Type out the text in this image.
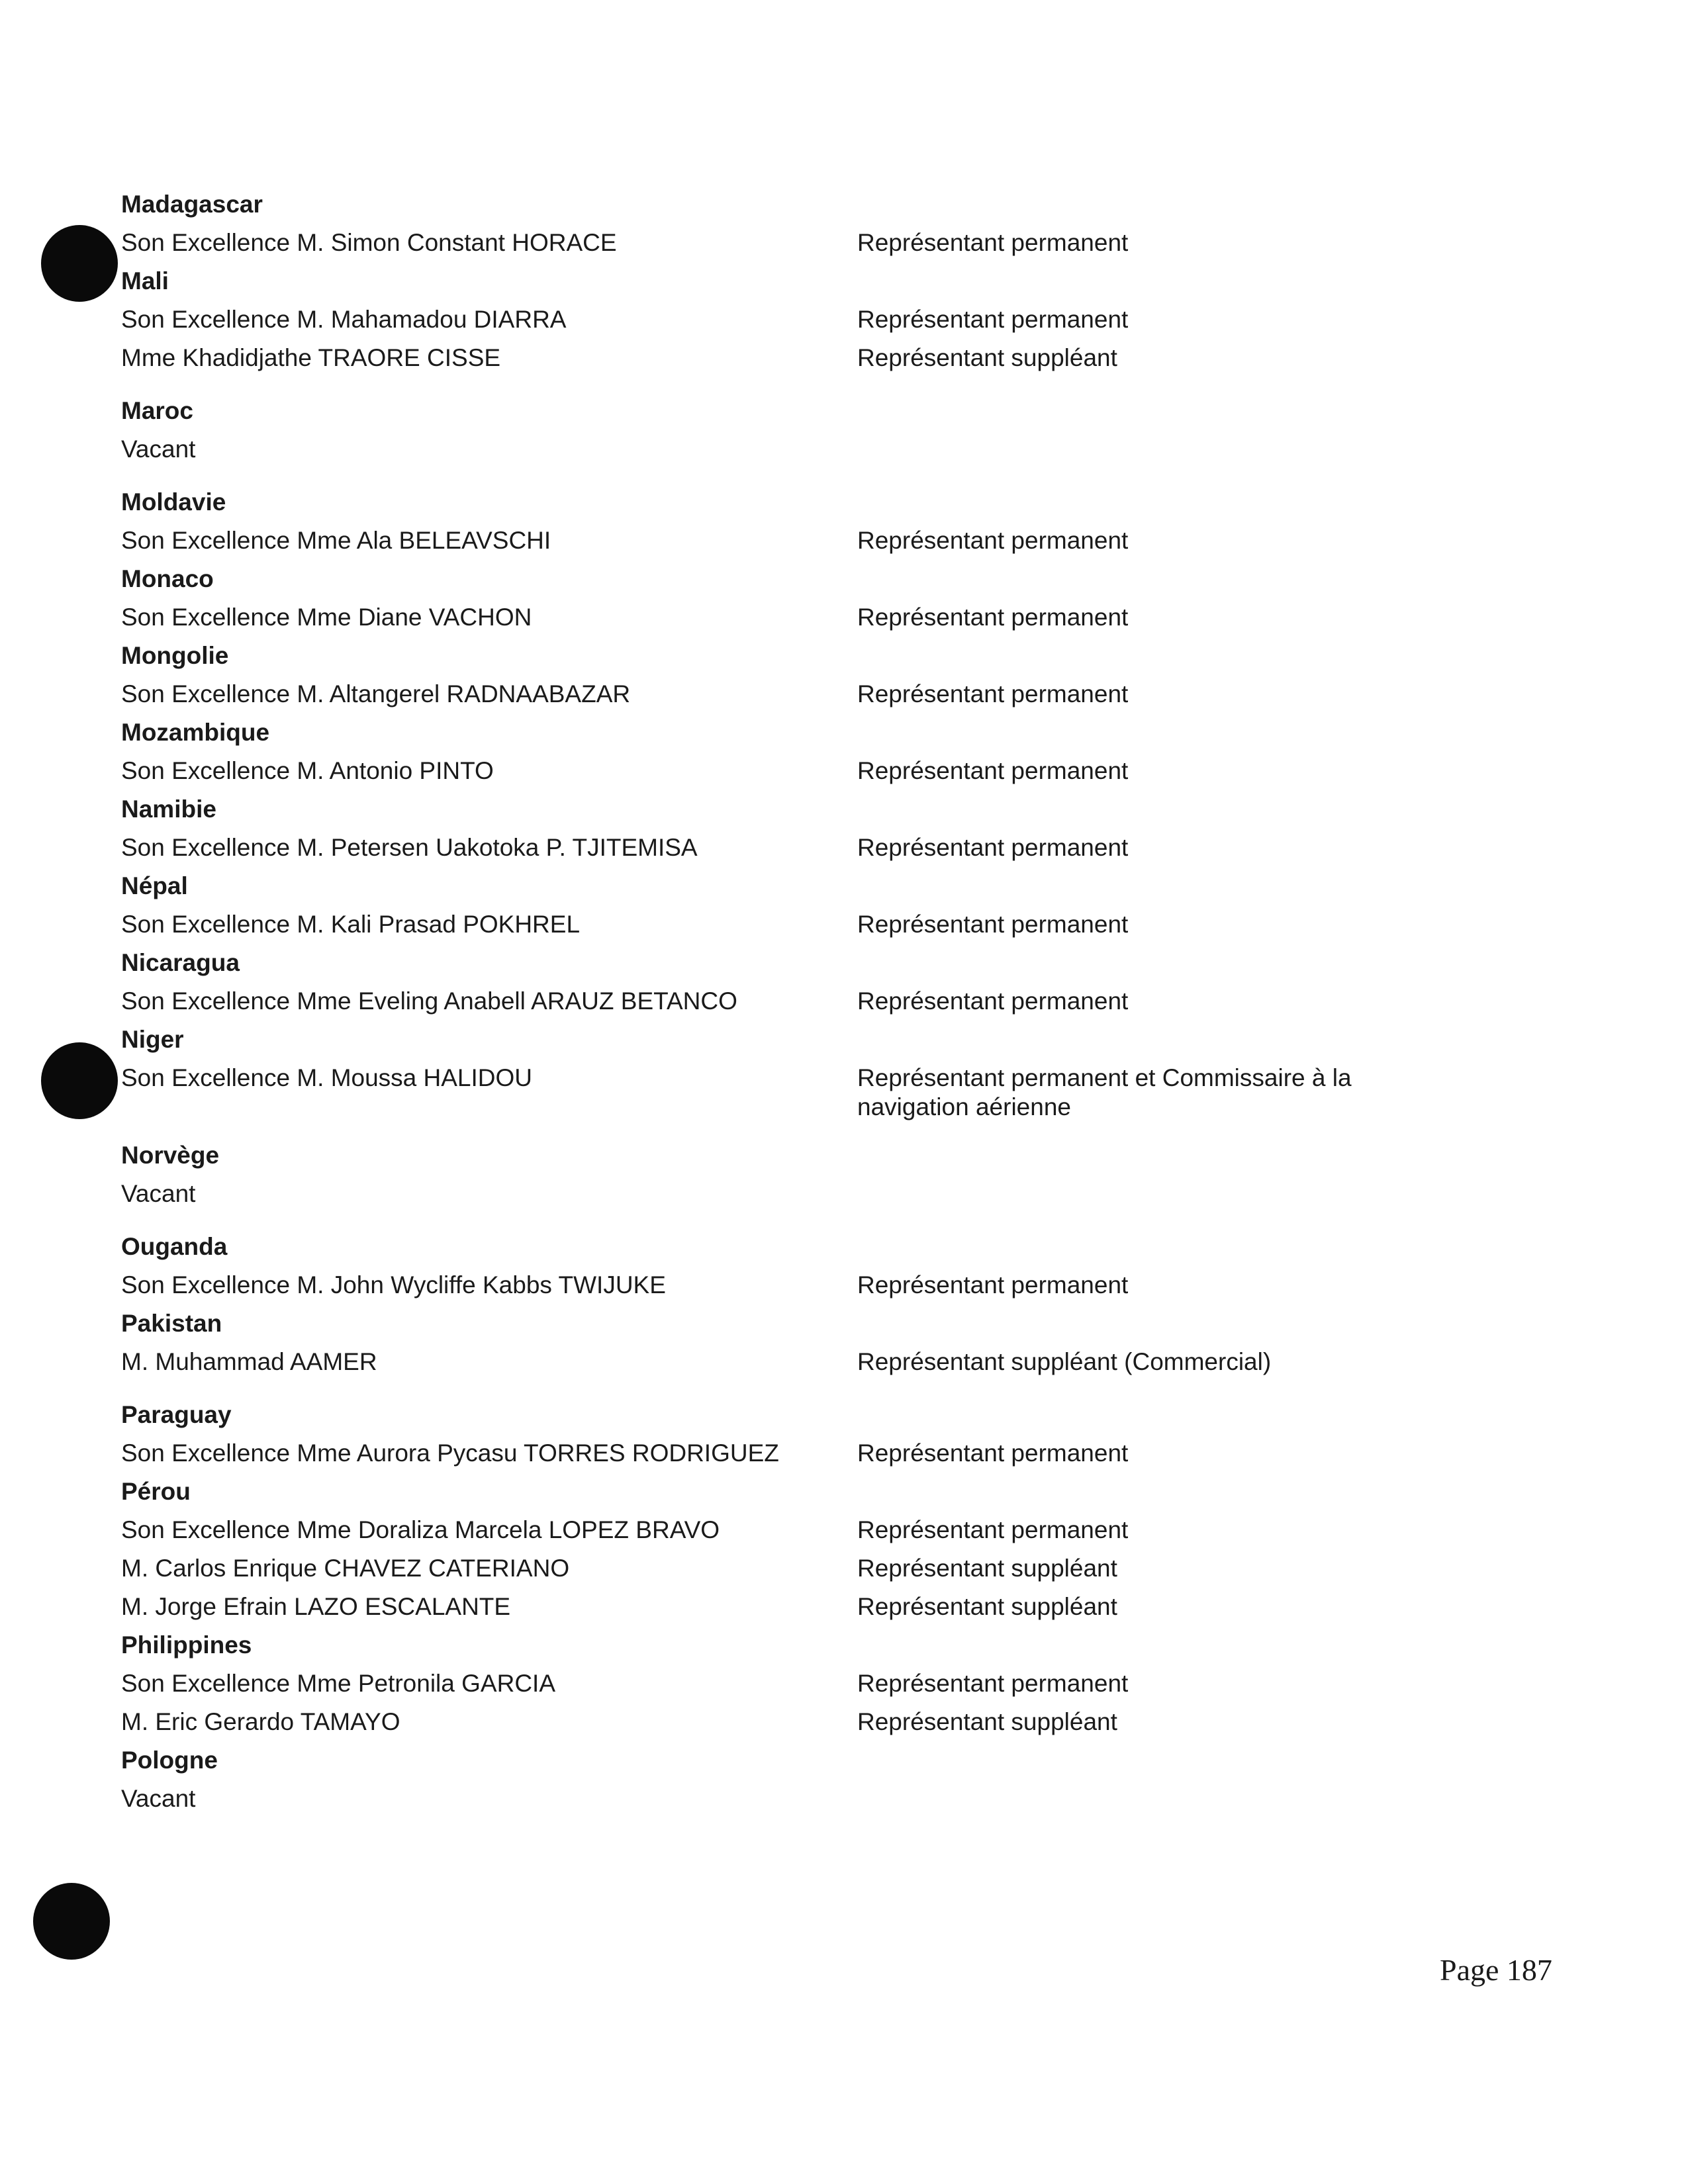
Madagascar
Son Excellence M. Simon Constant HORACE	Représentant permanent
Mali
Son Excellence M. Mahamadou DIARRA	Représentant permanent
Mme Khadidjathe TRAORE CISSE	Représentant suppléant
Maroc
Vacant
Moldavie
Son Excellence Mme Ala BELEAVSCHI	Représentant permanent
Monaco
Son Excellence Mme Diane VACHON	Représentant permanent
Mongolie
Son Excellence M. Altangerel RADNAABAZAR	Représentant permanent
Mozambique
Son Excellence M. Antonio PINTO	Représentant permanent
Namibie
Son Excellence M. Petersen Uakotoka P. TJITEMISA	Représentant permanent
Népal
Son Excellence M. Kali Prasad POKHREL	Représentant permanent
Nicaragua
Son Excellence Mme Eveling Anabell ARAUZ BETANCO	Représentant permanent
Niger
Son Excellence M. Moussa HALIDOU	Représentant permanent et Commissaire à la navigation aérienne
Norvège
Vacant
Ouganda
Son Excellence M. John Wycliffe Kabbs TWIJUKE	Représentant permanent
Pakistan
M. Muhammad AAMER	Représentant suppléant (Commercial)
Paraguay
Son Excellence Mme Aurora Pycasu TORRES RODRIGUEZ	Représentant permanent
Pérou
Son Excellence Mme Doraliza Marcela LOPEZ BRAVO	Représentant permanent
M. Carlos Enrique CHAVEZ CATERIANO	Représentant suppléant
M. Jorge Efrain LAZO ESCALANTE	Représentant suppléant
Philippines
Son Excellence Mme Petronila GARCIA	Représentant permanent
M. Eric Gerardo TAMAYO	Représentant suppléant
Pologne
Vacant
Page 187
